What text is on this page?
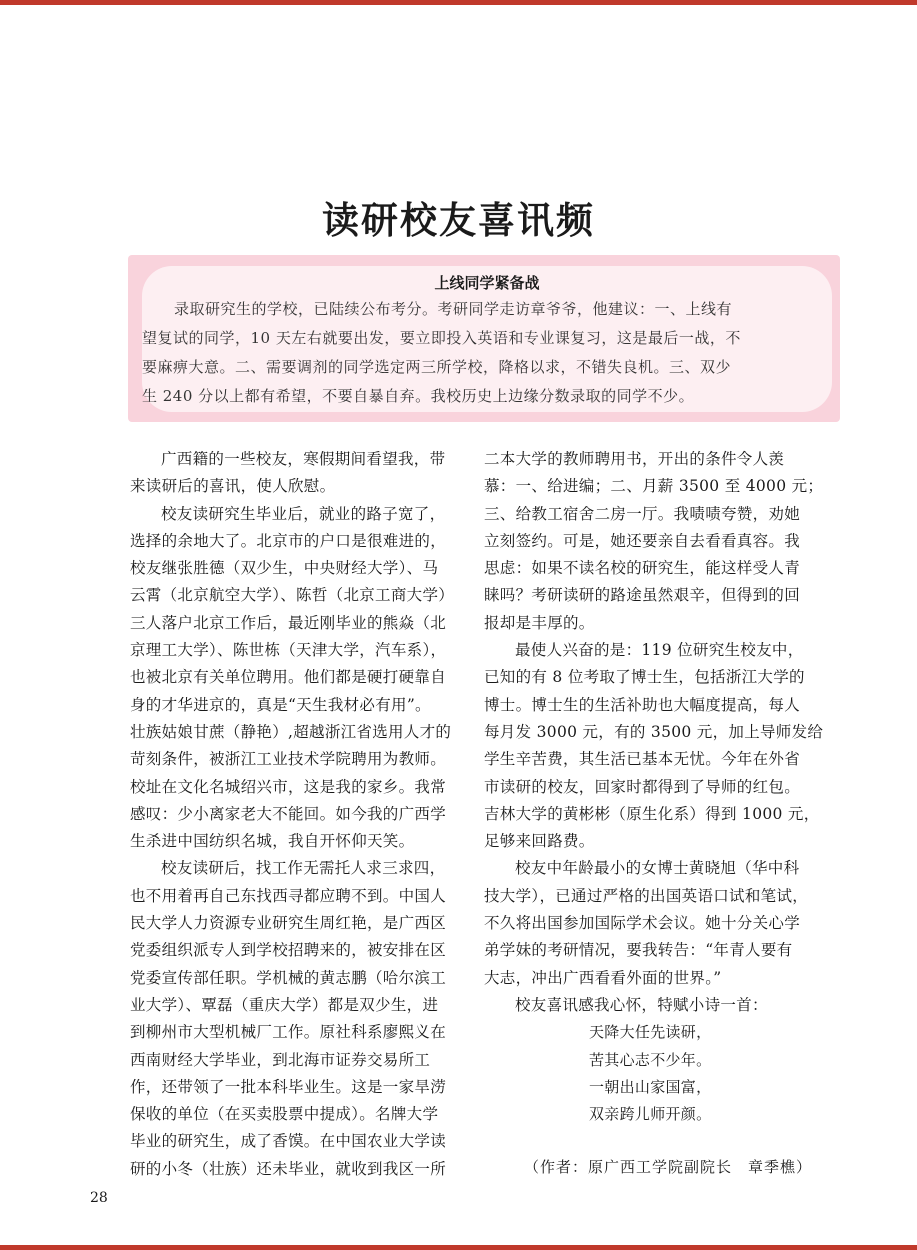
读研校友喜讯频
上线同学紧备战
录取研究生的学校，已陆续公布考分。考研同学走访章爷爷，他建议：一、上线有
望复试的同学，10 天左右就要出发，要立即投入英语和专业课复习，这是最后一战，不
要麻痹大意。二、需要调剂的同学选定两三所学校，降格以求，不错失良机。三、双少
生 240 分以上都有希望，不要自暴自弃。我校历史上边缘分数录取的同学不少。
广西籍的一些校友，寒假期间看望我，带
来读研后的喜讯，使人欣慰。
校友读研究生毕业后，就业的路子宽了，
选择的余地大了。北京市的户口是很难进的，
校友继张胜德（双少生，中央财经大学）、马
云霄（北京航空大学）、陈哲（北京工商大学）
三人落户北京工作后，最近刚毕业的熊焱（北
京理工大学）、陈世栋（天津大学，汽车系），
也被北京有关单位聘用。他们都是硬打硬靠自
身的才华进京的，真是“天生我材必有用”。
壮族姑娘甘蔗（静艳）,超越浙江省选用人才的
苛刻条件，被浙江工业技术学院聘用为教师。
校址在文化名城绍兴市，这是我的家乡。我常
感叹：少小离家老大不能回。如今我的广西学
生杀进中国纺织名城，我自开怀仰天笑。
校友读研后，找工作无需托人求三求四，
也不用着再自己东找西寻都应聘不到。中国人
民大学人力资源专业研究生周红艳，是广西区
党委组织派专人到学校招聘来的，被安排在区
党委宣传部任职。学机械的黄志鹏（哈尔滨工
业大学）、覃磊（重庆大学）都是双少生，进
到柳州市大型机械厂工作。原社科系廖熙义在
西南财经大学毕业，到北海市证券交易所工
作，还带领了一批本科毕业生。这是一家旱涝
保收的单位（在买卖股票中提成）。名牌大学
毕业的研究生，成了香馍。在中国农业大学读
研的小冬（壮族）还未毕业，就收到我区一所
二本大学的教师聘用书，开出的条件令人羡
慕：一、给进编；二、月薪 3500 至 4000 元；
三、给教工宿舍二房一厅。我啧啧夸赞，劝她
立刻签约。可是，她还要亲自去看看真容。我
思虑：如果不读名校的研究生，能这样受人青
睐吗？考研读研的路途虽然艰辛，但得到的回
报却是丰厚的。
最使人兴奋的是：119 位研究生校友中，
已知的有 8 位考取了博士生，包括浙江大学的
博士。博士生的生活补助也大幅度提高，每人
每月发 3000 元，有的 3500 元，加上导师发给
学生辛苦费，其生活已基本无忧。今年在外省
市读研的校友，回家时都得到了导师的红包。
吉林大学的黄彬彬（原生化系）得到 1000 元，
足够来回路费。
校友中年龄最小的女博士黄晓旭（华中科
技大学），已通过严格的出国英语口试和笔试，
不久将出国参加国际学术会议。她十分关心学
弟学妹的考研情况，要我转告：“年青人要有
大志，冲出广西看看外面的世界。”
校友喜讯感我心怀，特赋小诗一首：
天降大任先读研，
苦其心志不少年。
一朝出山家国富，
双亲跨儿师开颜。
（作者：原广西工学院副院长　章季樵）
28
